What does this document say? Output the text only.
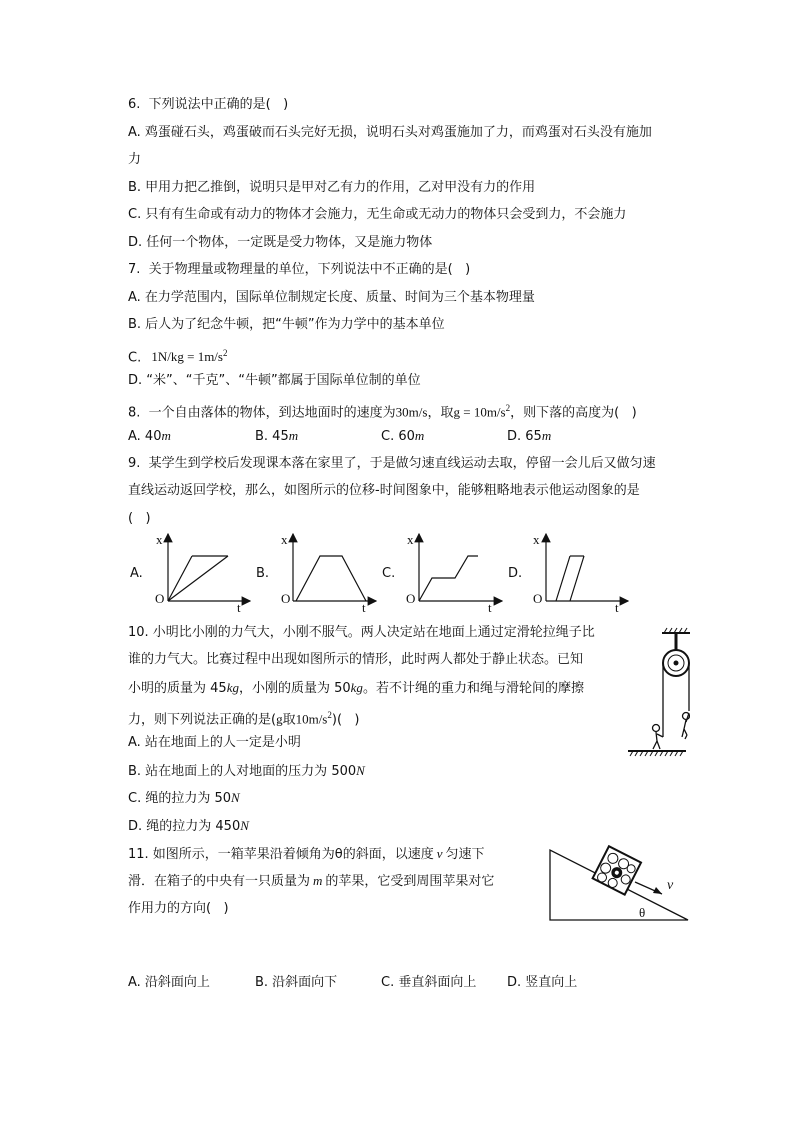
6.  下列说法中正确的是(   )
A. 鸡蛋碰石头，鸡蛋破而石头完好无损，说明石头对鸡蛋施加了力，而鸡蛋对石头没有施加
力
B. 甲用力把乙推倒，说明只是甲对乙有力的作用，乙对甲没有力的作用
C. 只有有生命或有动力的物体才会施力，无生命或无动力的物体只会受到力，不会施力
D. 任何一个物体，一定既是受力物体，又是施力物体
7.  关于物理量或物理量的单位，下列说法中不正确的是(   )
A. 在力学范围内，国际单位制规定长度、质量、时间为三个基本物理量
B. 后人为了纪念牛顿，把“牛顿”作为力学中的基本单位
C. $1N/kg = 1m/s^2$
D. “米”、“千克”、“牛顿”都属于国际单位制的单位
8.  一个自由落体的物体，到达地面时的速度为30m/s，取$g = 10m/s^2$，则下落的高度为(   )
A. 40m	B. 45m	C. 60m	D. 65m
9.  某学生到学校后发现课本落在家里了，于是做匀速直线运动去取，停留一会儿后又做匀速
直线运动返回学校，那么，如图所示的位移-时间图象中，能够粗略地表示他运动图象的是
(   )
A.
x
O
t
B.
x
O
t
C.
x
O
t
D.
x
O
t
10. 小明比小刚的力气大，小刚不服气。两人决定站在地面上通过定滑轮拉绳子比
谁的力气大。比赛过程中出现如图所示的情形，此时两人都处于静止状态。已知
小明的质量为 45kg，小刚的质量为 50kg。若不计绳的重力和绳与滑轮间的摩擦
力，则下列说法正确的是(g取$10m/s^2$)(   )
A. 站在地面上的人一定是小明
B. 站在地面上的人对地面的压力为 500N
C. 绳的拉力为 50N
D. 绳的拉力为 450N
11. 如图所示，一箱苹果沿着倾角为θ的斜面，以速度 v 匀速下
滑．在箱子的中央有一只质量为 m 的苹果，它受到周围苹果对它
作用力的方向(   )
v
θ
A. 沿斜面向上	B. 沿斜面向下	C. 垂直斜面向上 D. 竖直向上
